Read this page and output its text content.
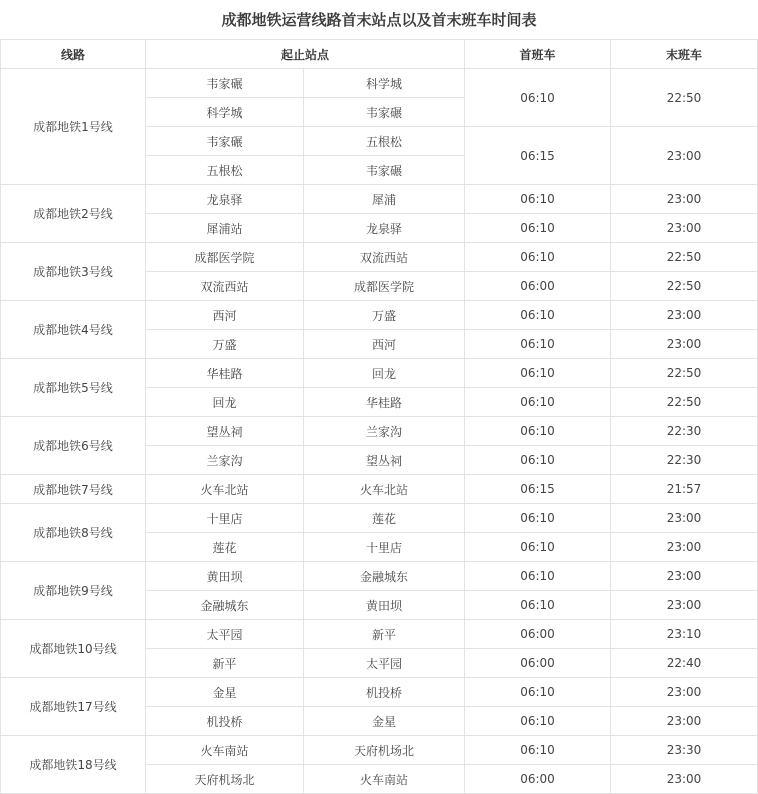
成都地铁运营线路首末站点以及首末班车时间表
线路	起止站点		首班车	末班车
成都地铁1号线	韦家碾	科学城	06:10	22:50
	科学城	韦家碾		
	韦家碾	五根松	06:15	23:00
	五根松	韦家碾		
成都地铁2号线	龙泉驿	犀浦	06:10	23:00
	犀浦站	龙泉驿	06:10	23:00
成都地铁3号线	成都医学院	双流西站	06:10	22:50
	双流西站	成都医学院	06:00	22:50
成都地铁4号线	西河	万盛	06:10	23:00
	万盛	西河	06:10	23:00
成都地铁5号线	华桂路	回龙	06:10	22:50
	回龙	华桂路	06:10	22:50
成都地铁6号线	望丛祠	兰家沟	06:10	22:30
	兰家沟	望丛祠	06:10	22:30
成都地铁7号线	火车北站	火车北站	06:15	21:57
成都地铁8号线	十里店	莲花	06:10	23:00
	莲花	十里店	06:10	23:00
成都地铁9号线	黄田坝	金融城东	06:10	23:00
	金融城东	黄田坝	06:10	23:00
成都地铁10号线	太平园	新平	06:00	23:10
	新平	太平园	06:00	22:40
成都地铁17号线	金星	机投桥	06:10	23:00
	机投桥	金星	06:10	23:00
成都地铁18号线	火车南站	天府机场北	06:10	23:30
	天府机场北	火车南站	06:00	23:00
